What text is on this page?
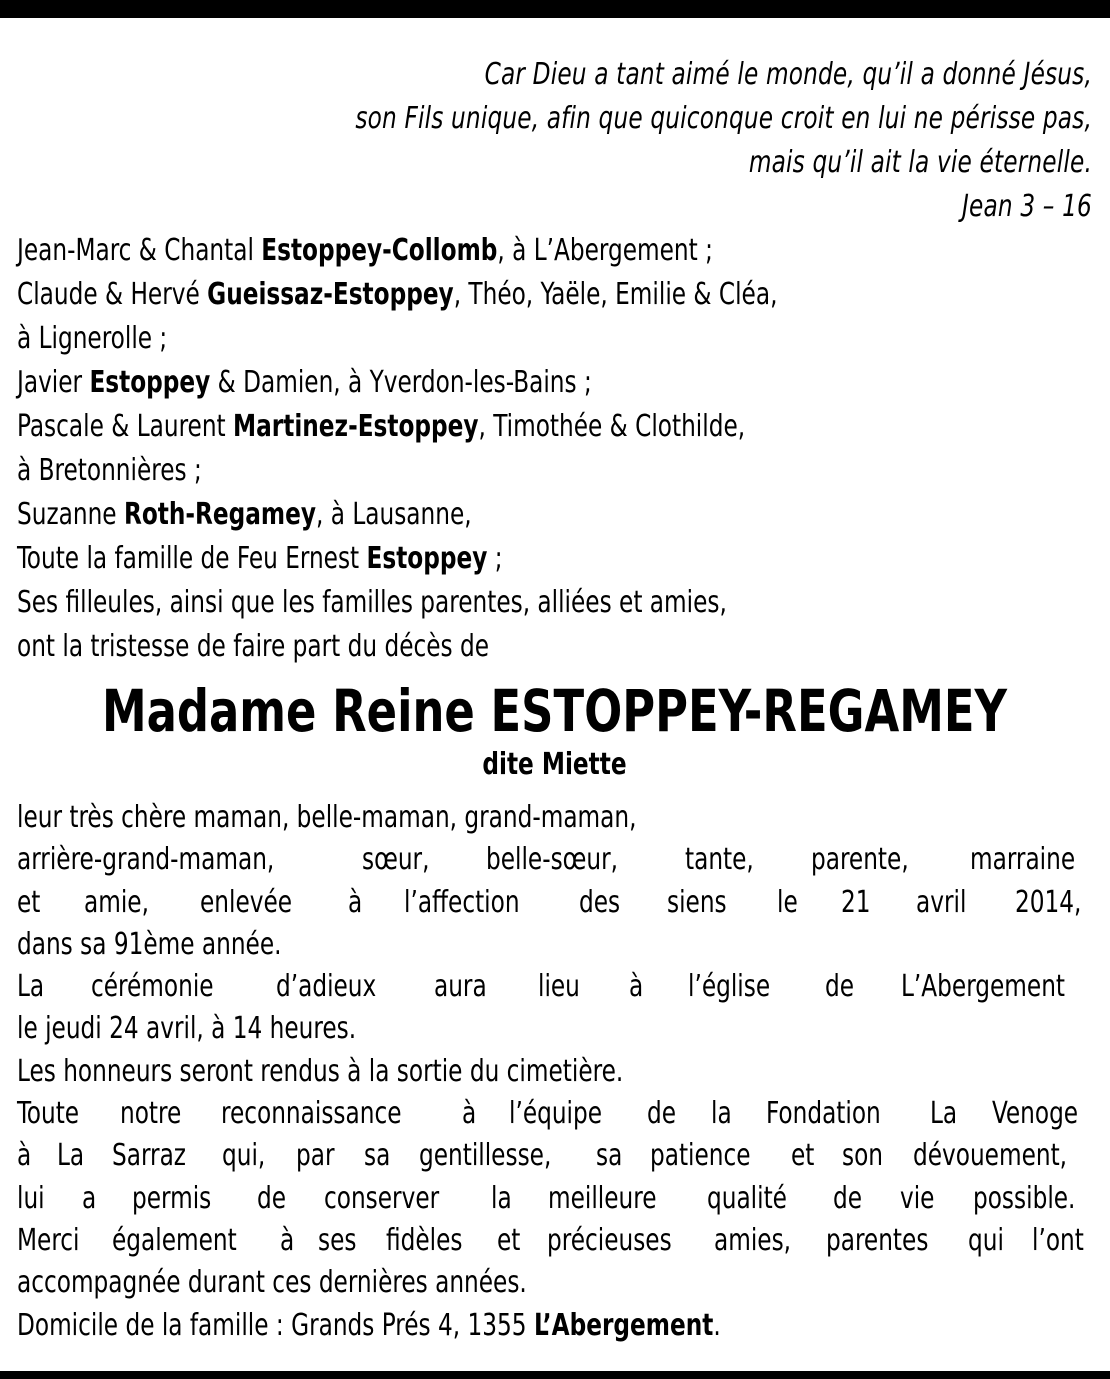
Car Dieu a tant aimé le monde, qu’il a donné Jésus,
son Fils unique, afin que quiconque croit en lui ne périsse pas,
mais qu’il ait la vie éternelle.
Jean 3 – 16
Jean-Marc & Chantal Estoppey-Collomb, à L’Abergement ;
Claude & Hervé Gueissaz-Estoppey, Théo, Yaële, Emilie & Cléa,
à Lignerolle ;
Javier Estoppey & Damien, à Yverdon-les-Bains ;
Pascale & Laurent Martinez-Estoppey, Timothée & Clothilde,
à Bretonnières ;
Suzanne Roth-Regamey, à Lausanne,
Toute la famille de Feu Ernest Estoppey ;
Ses filleules, ainsi que les familles parentes, alliées et amies,
ont la tristesse de faire part du décès de
Madame Reine ESTOPPEY-REGAMEY
dite Miette
leur très chère maman, belle-maman, grand-maman,
arrière-grand-maman,	sœur, belle-sœur, tante, parente, marraine
et amie, enlevée à l’affection des siens le 21 avril 2014,
dans sa 91ème année.
La cérémonie d’adieux aura lieu à l’église de L’Abergement
le jeudi 24 avril, à 14 heures.
Les honneurs seront rendus à la sortie du cimetière.
Toute notre reconnaissance à l’équipe de la Fondation La Venoge
à La Sarraz qui, par sa gentillesse, sa patience et son dévouement,
lui a permis de conserver la meilleure qualité de vie possible.
Merci également à ses fidèles et précieuses amies, parentes qui l’ont
accompagnée durant ces dernières années.
Domicile de la famille : Grands Prés 4, 1355 L’Abergement.
